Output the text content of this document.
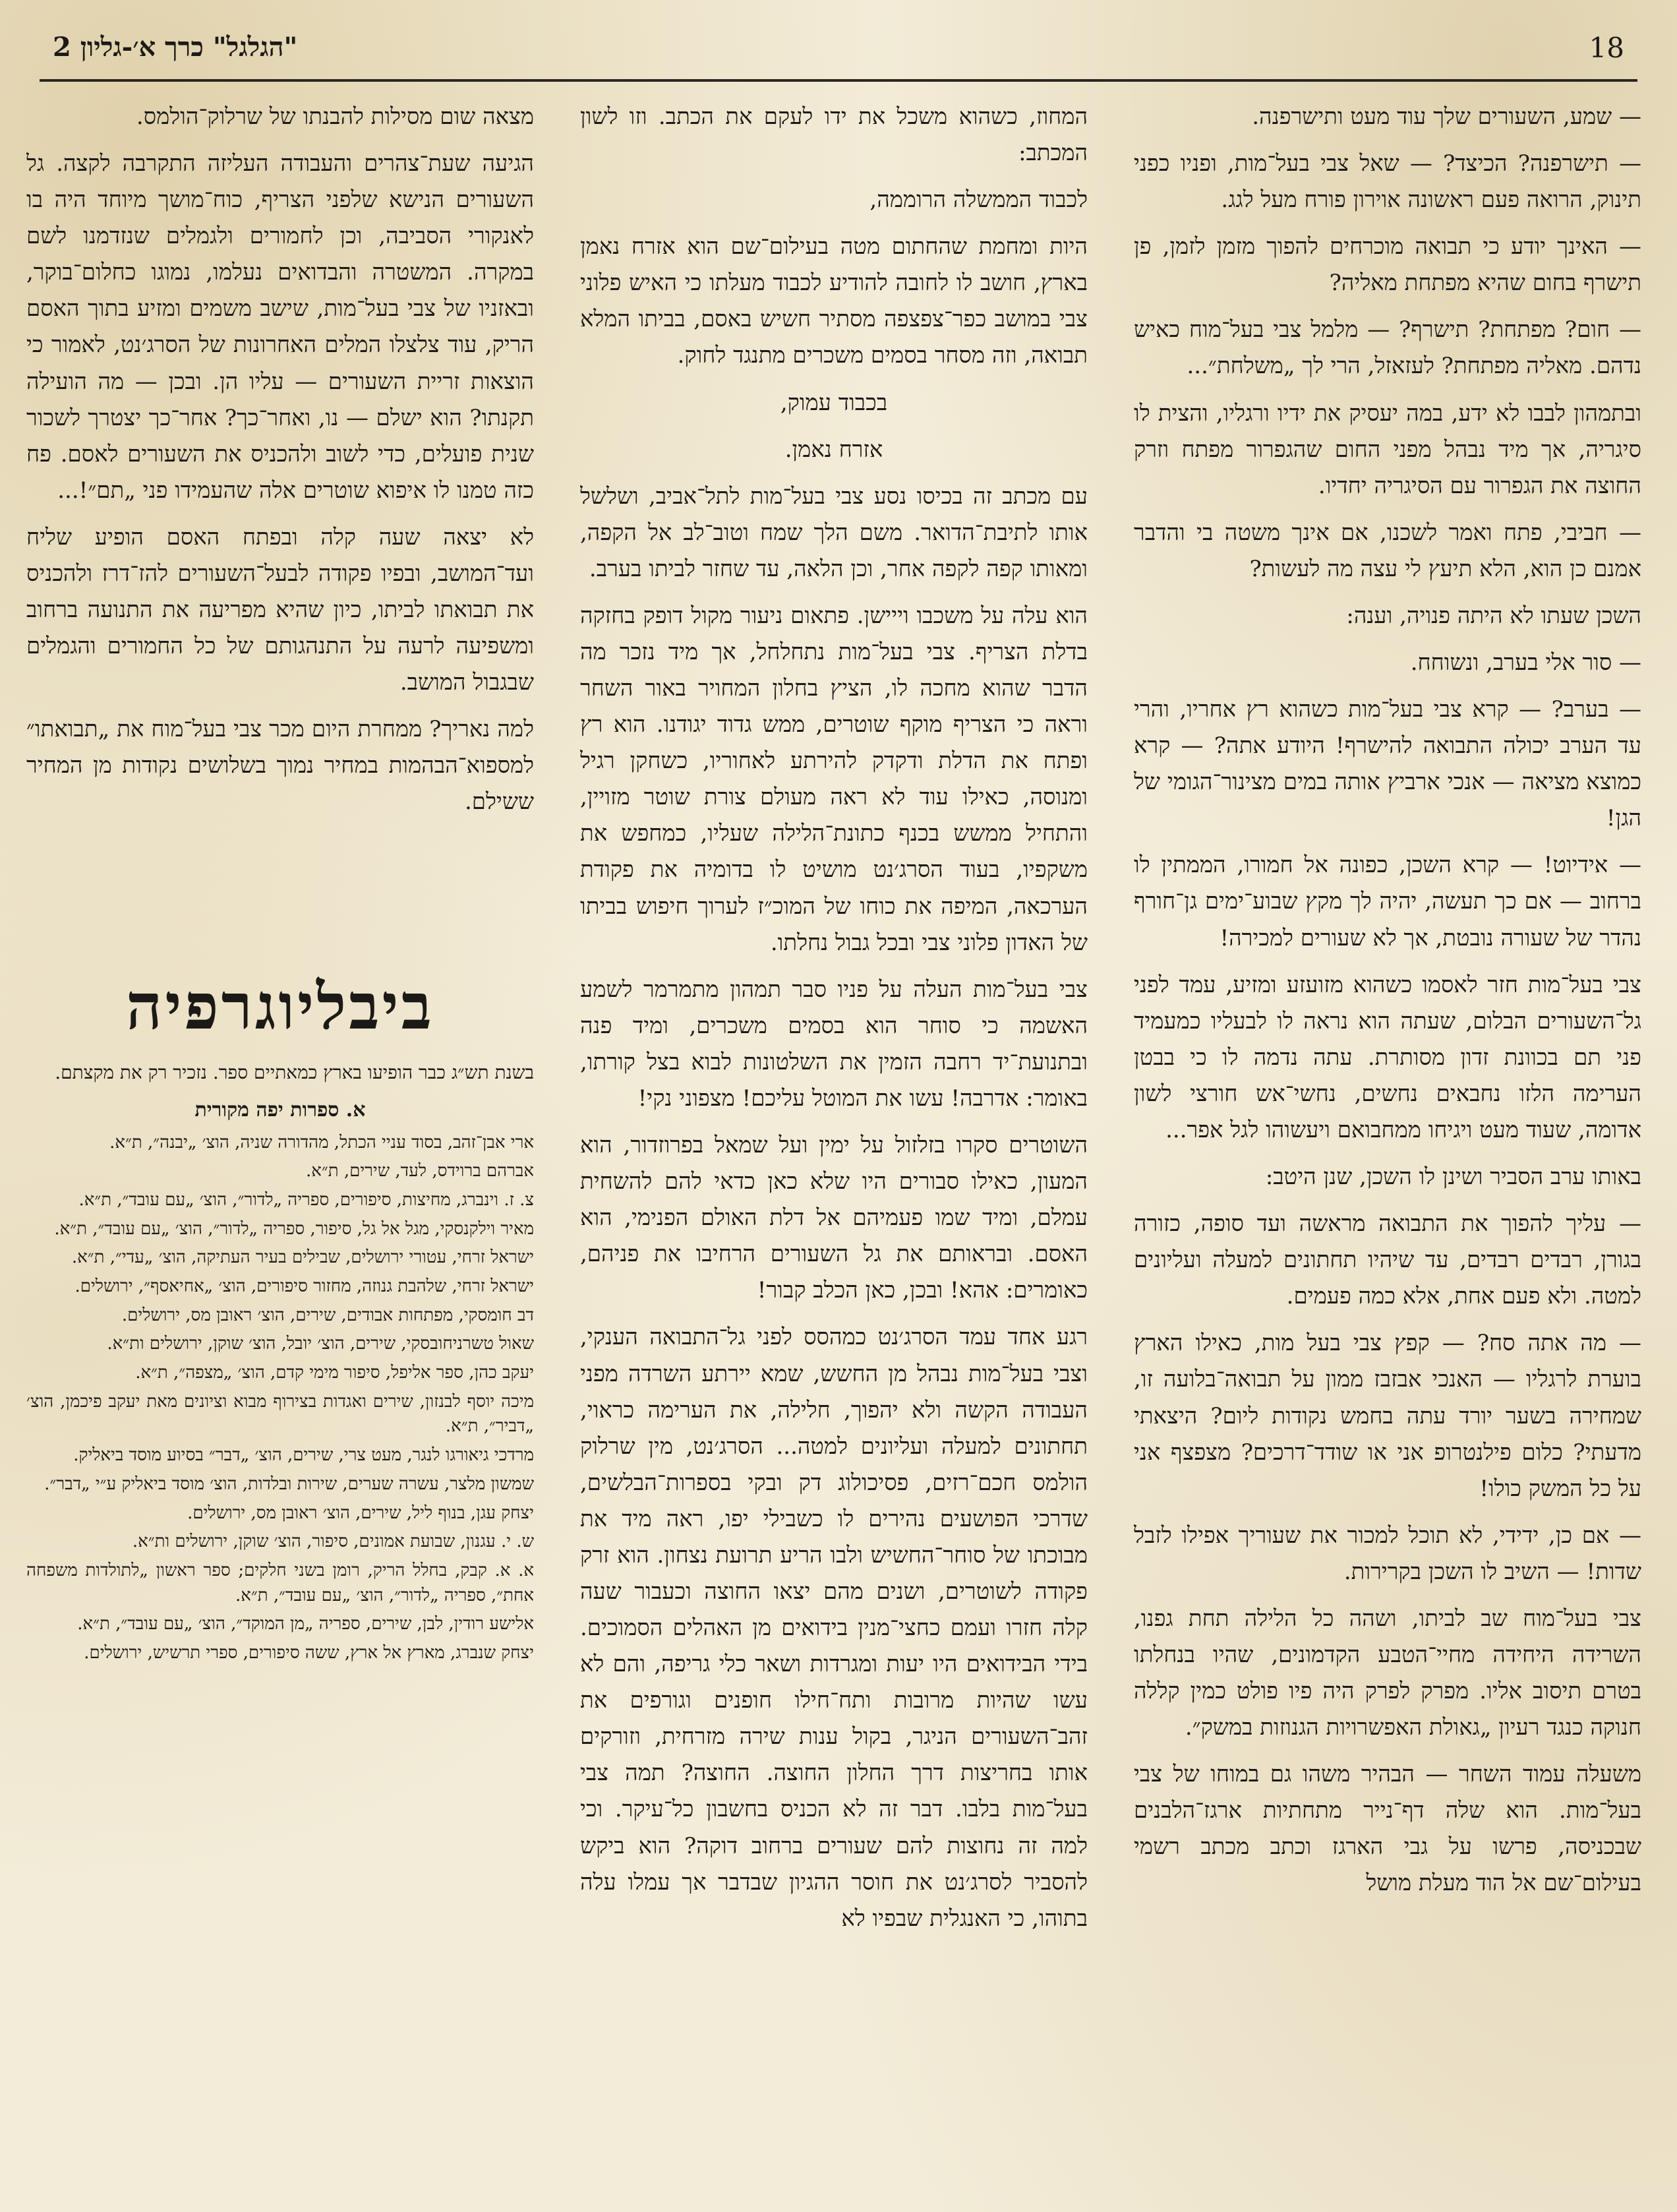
18
"הגלגל" כרך א׳-גליון 2

— שמע, השעורים שלך עוד מעט ותישרפנה.

— תישרפנה? הכיצד? — שאל צבי בעל־מות, ופניו כפני תינוק, הרואה פעם ראשונה אוירון פורח מעל לגג.

— האינך יודע כי תבואה מוכרחים להפוך מזמן לזמן, פן תישרף בחום שהיא מפתחת מאליה?

— חום? מפתחת? תישרף? — מלמל צבי בעל־מוח כאיש נדהם. מאליה מפתחת? לעזאזל, הרי לך „משלחת״...

ובתמהון לבבו לא ידע, במה יעסיק את ידיו ורגליו, והצית לו סיגריה, אך מיד נבהל מפני החום שהגפרור מפתח וזרק החוצה את הגפרור עם הסיגריה יחדיו.

— חביבי, פתח ואמר לשכנו, אם אינך משטה בי והדבר אמנם כן הוא, הלא תיעץ לי עצה מה לעשות?

השכן שעתו לא היתה פנויה, וענה:

— סור אלי בערב, ונשוחח.

— בערב? — קרא צבי בעל־מות כשהוא רץ אחריו, והרי עד הערב יכולה התבואה להישרף! היודע אתה? — קרא כמוצא מציאה — אנכי ארביץ אותה במים מצינור־הגומי של הגן!

— אידיוט! — קרא השכן, כפונה אל חמורו, הממתין לו ברחוב — אם כך תעשה, יהיה לך מקץ שבוע־ימים גן־חורף נהדר של שעורה נובטת, אך לא שעורים למכירה!

צבי בעל־מות חזר לאסמו כשהוא מזועזע ומזיע, עמד לפני גל־השעורים הבלום, שעתה הוא נראה לו לבעליו כמעמיד פני תם בכוונת זדון מסותרת. עתה נדמה לו כי בבטן הערימה הלזו נחבאים נחשים, נחשי־אש חורצי לשון אדומה, שעוד מעט ויגיחו ממחבואם ויעשוהו לגל אפר...

באותו ערב הסביר ושינן לו השכן, שנן היטב:

— עליך להפוך את התבואה מראשה ועד סופה, כזורה בגורן, רבדים רבדים, עד שיהיו תחתונים למעלה ועליונים למטה. ולא פעם אחת, אלא כמה פעמים.

— מה אתה סח? — קפץ צבי בעל מות, כאילו הארץ בוערת לרגליו — האנכי אבזבז ממון על תבואה־בלועה זו, שמחירה בשער יורד עתה בחמש נקודות ליום? היצאתי מדעתי? כלום פילנטרופ אני או שודד־דרכים? מצפצף אני על כל המשק כולו!

— אם כן, ידידי, לא תוכל למכור את שעוריך אפילו לזבל שדות! — השיב לו השכן בקרירות.

צבי בעל־מוח שב לביתו, ושהה כל הלילה תחת גפנו, השרידה היחידה מחיי־הטבע הקדמונים, שהיו בנחלתו בטרם תיסוב אליו. מפרק לפרק היה פיו פולט כמין קללה חנוקה כנגד רעיון „גאולת האפשרויות הגנוזות במשק״.

משעלה עמוד השחר — הבהיר משהו גם במוחו של צבי בעל־מות. הוא שלה דף־נייר מתחתיות ארגז־הלבנים שבכניסה, פרשו על גבי הארגז וכתב מכתב רשמי בעילום־שם אל הוד מעלת מושל

המחוז, כשהוא משכל את ידו לעקם את הכתב. וזו לשון המכתב:

לכבוד הממשלה הרוממה,

היות ומחמת שהחתום מטה בעילום־שם הוא אזרח נאמן בארץ, חושב לו לחובה להודיע לכבוד מעלתו כי האיש פלוני צבי במושב כפר־צפצפה מסתיר חשיש באסם, בביתו המלא תבואה, וזה מסחר בסמים משכרים מתנגד לחוק.

בכבוד עמוק,

אזרח נאמן.

עם מכתב זה בכיסו נסע צבי בעל־מות לתל־אביב, ושלשל אותו לתיבת־הדואר. משם הלך שמח וטוב־לב אל הקפה, ומאותו קפה לקפה אחר, וכן הלאה, עד שחזר לביתו בערב.

הוא עלה על משכבו וייישן. פתאום ניעור מקול דופק בחזקה בדלת הצריף. צבי בעל־מות נתחלחל, אך מיד נזכר מה הדבר שהוא מחכה לו, הציץ בחלון המחויר באור השחר וראה כי הצריף מוקף שוטרים, ממש גדוד יגודנו. הוא רץ ופתח את הדלת ודקדק להירתע לאחוריו, כשחקן רגיל ומנוסה, כאילו עוד לא ראה מעולם צורת שוטר מזויין, והתחיל ממשש בכנף כתונת־הלילה שעליו, כמחפש את משקפיו, בעוד הסרג׳נט מושיט לו בדומיה את פקודת הערכאה, המיפה את כוחו של המוכ״ז לערוך חיפוש בביתו של האדון פלוני צבי ובכל גבול נחלתו.

צבי בעל־מות העלה על פניו סבר תמהון מתמרמר לשמע האשמה כי סוחר הוא בסמים משכרים, ומיד פנה ובתנועת־יד רחבה הזמין את השלטונות לבוא בצל קורתו, באומר: אדרבה! עשו את המוטל עליכם! מצפוני נקי!

השוטרים סקרו בזלזול על ימין ועל שמאל בפרוזדור, הוא המעון, כאילו סבורים היו שלא כאן כדאי להם להשחית עמלם, ומיד שמו פעמיהם אל דלת האולם הפנימי, הוא האסם. ובראותם את גל השעורים הרחיבו את פניהם, כאומרים: אהא! ובכן, כאן הכלב קבור!

רגע אחד עמד הסרג׳נט כמהסס לפני גל־התבואה הענקי, וצבי בעל־מות נבהל מן החשש, שמא יירתע השרדה מפני העבודה הקשה ולא יהפוך, חלילה, את הערימה כראוי, תחתונים למעלה ועליונים למטה... הסרג׳נט, מין שרלוק הולמס חכם־רזים, פסיכולוג דק ובקי בספרות־הבלשים, שדרכי הפושעים נהירים לו כשבילי יפו, ראה מיד את מבוכתו של סוחר־החשיש ולבו הריע תרועת נצחון. הוא זרק פקודה לשוטרים, ושנים מהם יצאו החוצה וכעבור שעה קלה חזרו ועמם כחצי־מנין בידואים מן האהלים הסמוכים. בידי הבידואים היו יעות ומגרדות ושאר כלי גריפה, והם לא עשו שהיות מרובות ותח־חילו חופנים וגורפים את זהב־השעורים הניגר, בקול ענות שירה מזרחית, וזורקים אותו בחריצות דרך החלון החוצה. החוצה? תמה צבי בעל־מות בלבו. דבר זה לא הכניס בחשבון כל־עיקר. וכי למה זה נחוצות להם שעורים ברחוב דוקה? הוא ביקש להסביר לסרג׳נט את חוסר ההגיון שבדבר אך עמלו עלה בתוהו, כי האנגלית שבפיו לא

מצאה שום מסילות להבנתו של שרלוק־הולמס.

הגיעה שעת־צהרים והעבודה העליזה התקרבה לקצה. גל השעורים הנישא שלפני הצריף, כוח־מושך מיוחד היה בו לאנקורי הסביבה, וכן לחמורים ולגמלים שנזדמנו לשם במקרה. המשטרה והבדואים נעלמו, נמוגו כחלום־בוקר, ובאזניו של צבי בעל־מות, שישב משמים ומזיע בתוך האסם הריק, עוד צלצלו המלים האחרונות של הסרג׳נט, לאמור כי הוצאות זריית השעורים — עליו הן. ובכן — מה הועילה תקנתו? הוא ישלם — נו, ואחר־כך? אחר־כך יצטרך לשכור שנית פועלים, כדי לשוב ולהכניס את השעורים לאסם. פח כזה טמנו לו איפוא שוטרים אלה שהעמידו פני „תם״!...

לא יצאה שעה קלה ובפתח האסם הופיע שליח ועד־המושב, ובפיו פקודה לבעל־השעורים להז־דרז ולהכניס את תבואתו לביתו, כיון שהיא מפריעה את התנועה ברחוב ומשפיעה לרעה על התנהגותם של כל החמורים והגמלים שבגבול המושב.

למה נאריך? ממחרת היום מכר צבי בעל־מוח את „תבואתו״ למספוא־הבהמות במחיר נמוך בשלושים נקודות מן המחיר ששילם.

ביבליוגרפיה

בשנת תש״ג כבר הופיעו בארץ כמאתיים ספר. נזכיר רק את מקצתם.

א. ספרות יפה מקורית

ארי אבן־זהב, בסוד עניי הכתל, מהדורה שניה, הוצ׳ „יבנה״, ת״א.

אברהם ברוידס, לעד, שירים, ת״א.

צ. ז. וינברג, מחיצות, סיפורים, ספריה „לדור״, הוצ׳ „עם עובד״, ת״א.

מאיר וילקנסקי, מגל אל גל, סיפור, ספריה „לדור״, הוצ׳ „עם עובד״, ת״א.

ישראל זרחי, עטורי ירושלים, שבילים בעיר העתיקה, הוצ׳ „עדי״, ת״א.

ישראל זרחי, שלהבת גנוזה, מחזור סיפורים, הוצ׳ „אחיאסף״, ירושלים.

דב חומסקי, מפתחות אבודים, שירים, הוצ׳ ראובן מס, ירושלים.

שאול טשרניחובסקי, שירים, הוצ׳ יובל, הוצ׳ שוקן, ירושלים ות״א.

יעקב כהן, ספר אליפל, סיפור מימי קדם, הוצ׳ „מצפה״, ת״א.

מיכה יוסף לבנזון, שירים ואגדות בצירוף מבוא וציונים מאת יעקב פיכמן, הוצ׳ „דביר״, ת״א.

מרדכי גיאורגו לנגר, מעט צרי, שירים, הוצ׳ „דבר״ בסיוע מוסד ביאליק.

שמשון מלצר, עשרה שערים, שירות ובלדות, הוצ׳ מוסד ביאליק ע״י „דבר״.

יצחק עגן, בנוף ליל, שירים, הוצ׳ ראובן מס, ירושלים.

ש. י. עגנון, שבועת אמונים, סיפור, הוצ׳ שוקן, ירושלים ות״א.

א. א. קבק, בחלל הריק, רומן בשני חלקים; ספר ראשון „לתולדות משפחה אחת״, ספריה „לדור״, הוצ׳ „עם עובד״, ת״א.

אלישע רודין, לבן, שירים, ספריה „מן המוקד״, הוצ׳ „עם עובד״, ת״א.

יצחק שנברג, מארץ אל ארץ, ששה סיפורים, ספרי תרשיש, ירושלים.
